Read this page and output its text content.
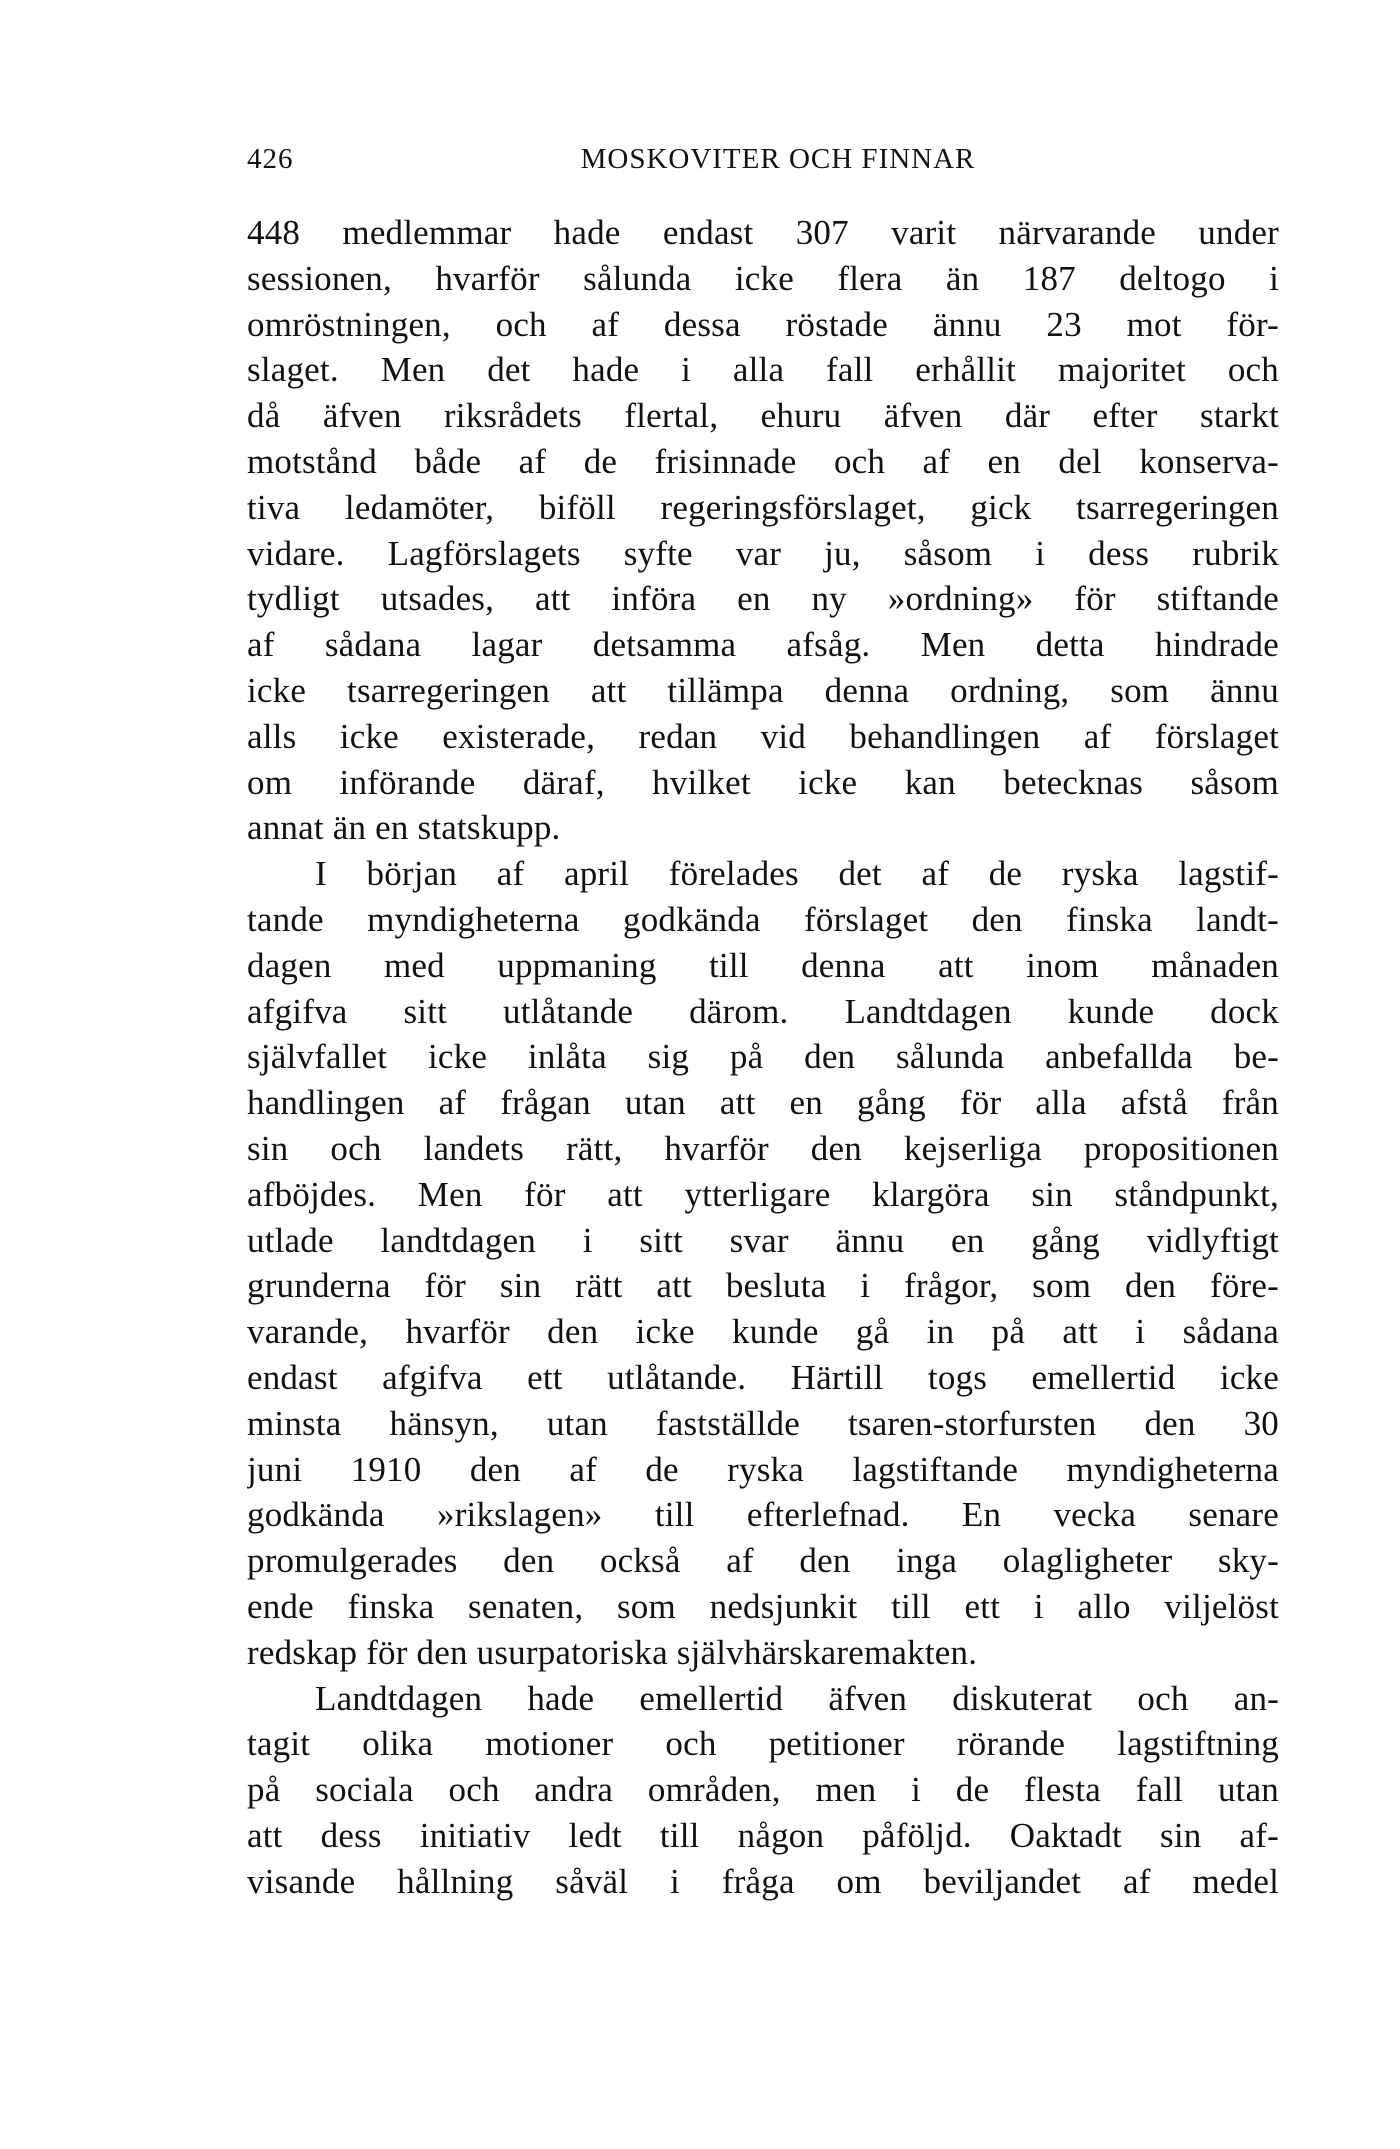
426	MOSKOVITER OCH FINNAR
448 medlemmar hade endast 307 varit närvarande under
sessionen, hvarför sålunda icke flera än 187 deltogo i
omröstningen, och af dessa röstade ännu 23 mot för-
slaget. Men det hade i alla fall erhållit majoritet och
då äfven riksrådets flertal, ehuru äfven där efter starkt
motstånd både af de frisinnade och af en del konserva-
tiva ledamöter, biföll regeringsförslaget, gick tsarregeringen
vidare. Lagförslagets syfte var ju, såsom i dess rubrik
tydligt utsades, att införa en ny »ordning» för stiftande
af sådana lagar detsamma afsåg. Men detta hindrade
icke tsarregeringen att tillämpa denna ordning, som ännu
alls icke existerade, redan vid behandlingen af förslaget
om införande däraf, hvilket icke kan betecknas såsom
annat än en statskupp.
I början af april förelades det af de ryska lagstif-
tande myndigheterna godkända förslaget den finska landt-
dagen med uppmaning till denna att inom månaden
afgifva sitt utlåtande därom. Landtdagen kunde dock
självfallet icke inlåta sig på den sålunda anbefallda be-
handlingen af frågan utan att en gång för alla afstå från
sin och landets rätt, hvarför den kejserliga propositionen
afböjdes. Men för att ytterligare klargöra sin ståndpunkt,
utlade landtdagen i sitt svar ännu en gång vidlyftigt
grunderna för sin rätt att besluta i frågor, som den före-
varande, hvarför den icke kunde gå in på att i sådana
endast afgifva ett utlåtande. Härtill togs emellertid icke
minsta hänsyn, utan fastställde tsaren-storfursten den 30
juni 1910 den af de ryska lagstiftande myndigheterna
godkända »rikslagen» till efterlefnad. En vecka senare
promulgerades den också af den inga olagligheter sky-
ende finska senaten, som nedsjunkit till ett i allo viljelöst
redskap för den usurpatoriska självhärskaremakten.
Landtdagen hade emellertid äfven diskuterat och an-
tagit olika motioner och petitioner rörande lagstiftning
på sociala och andra områden, men i de flesta fall utan
att dess initiativ ledt till någon påföljd. Oaktadt sin af-
visande hållning såväl i fråga om beviljandet af medel
